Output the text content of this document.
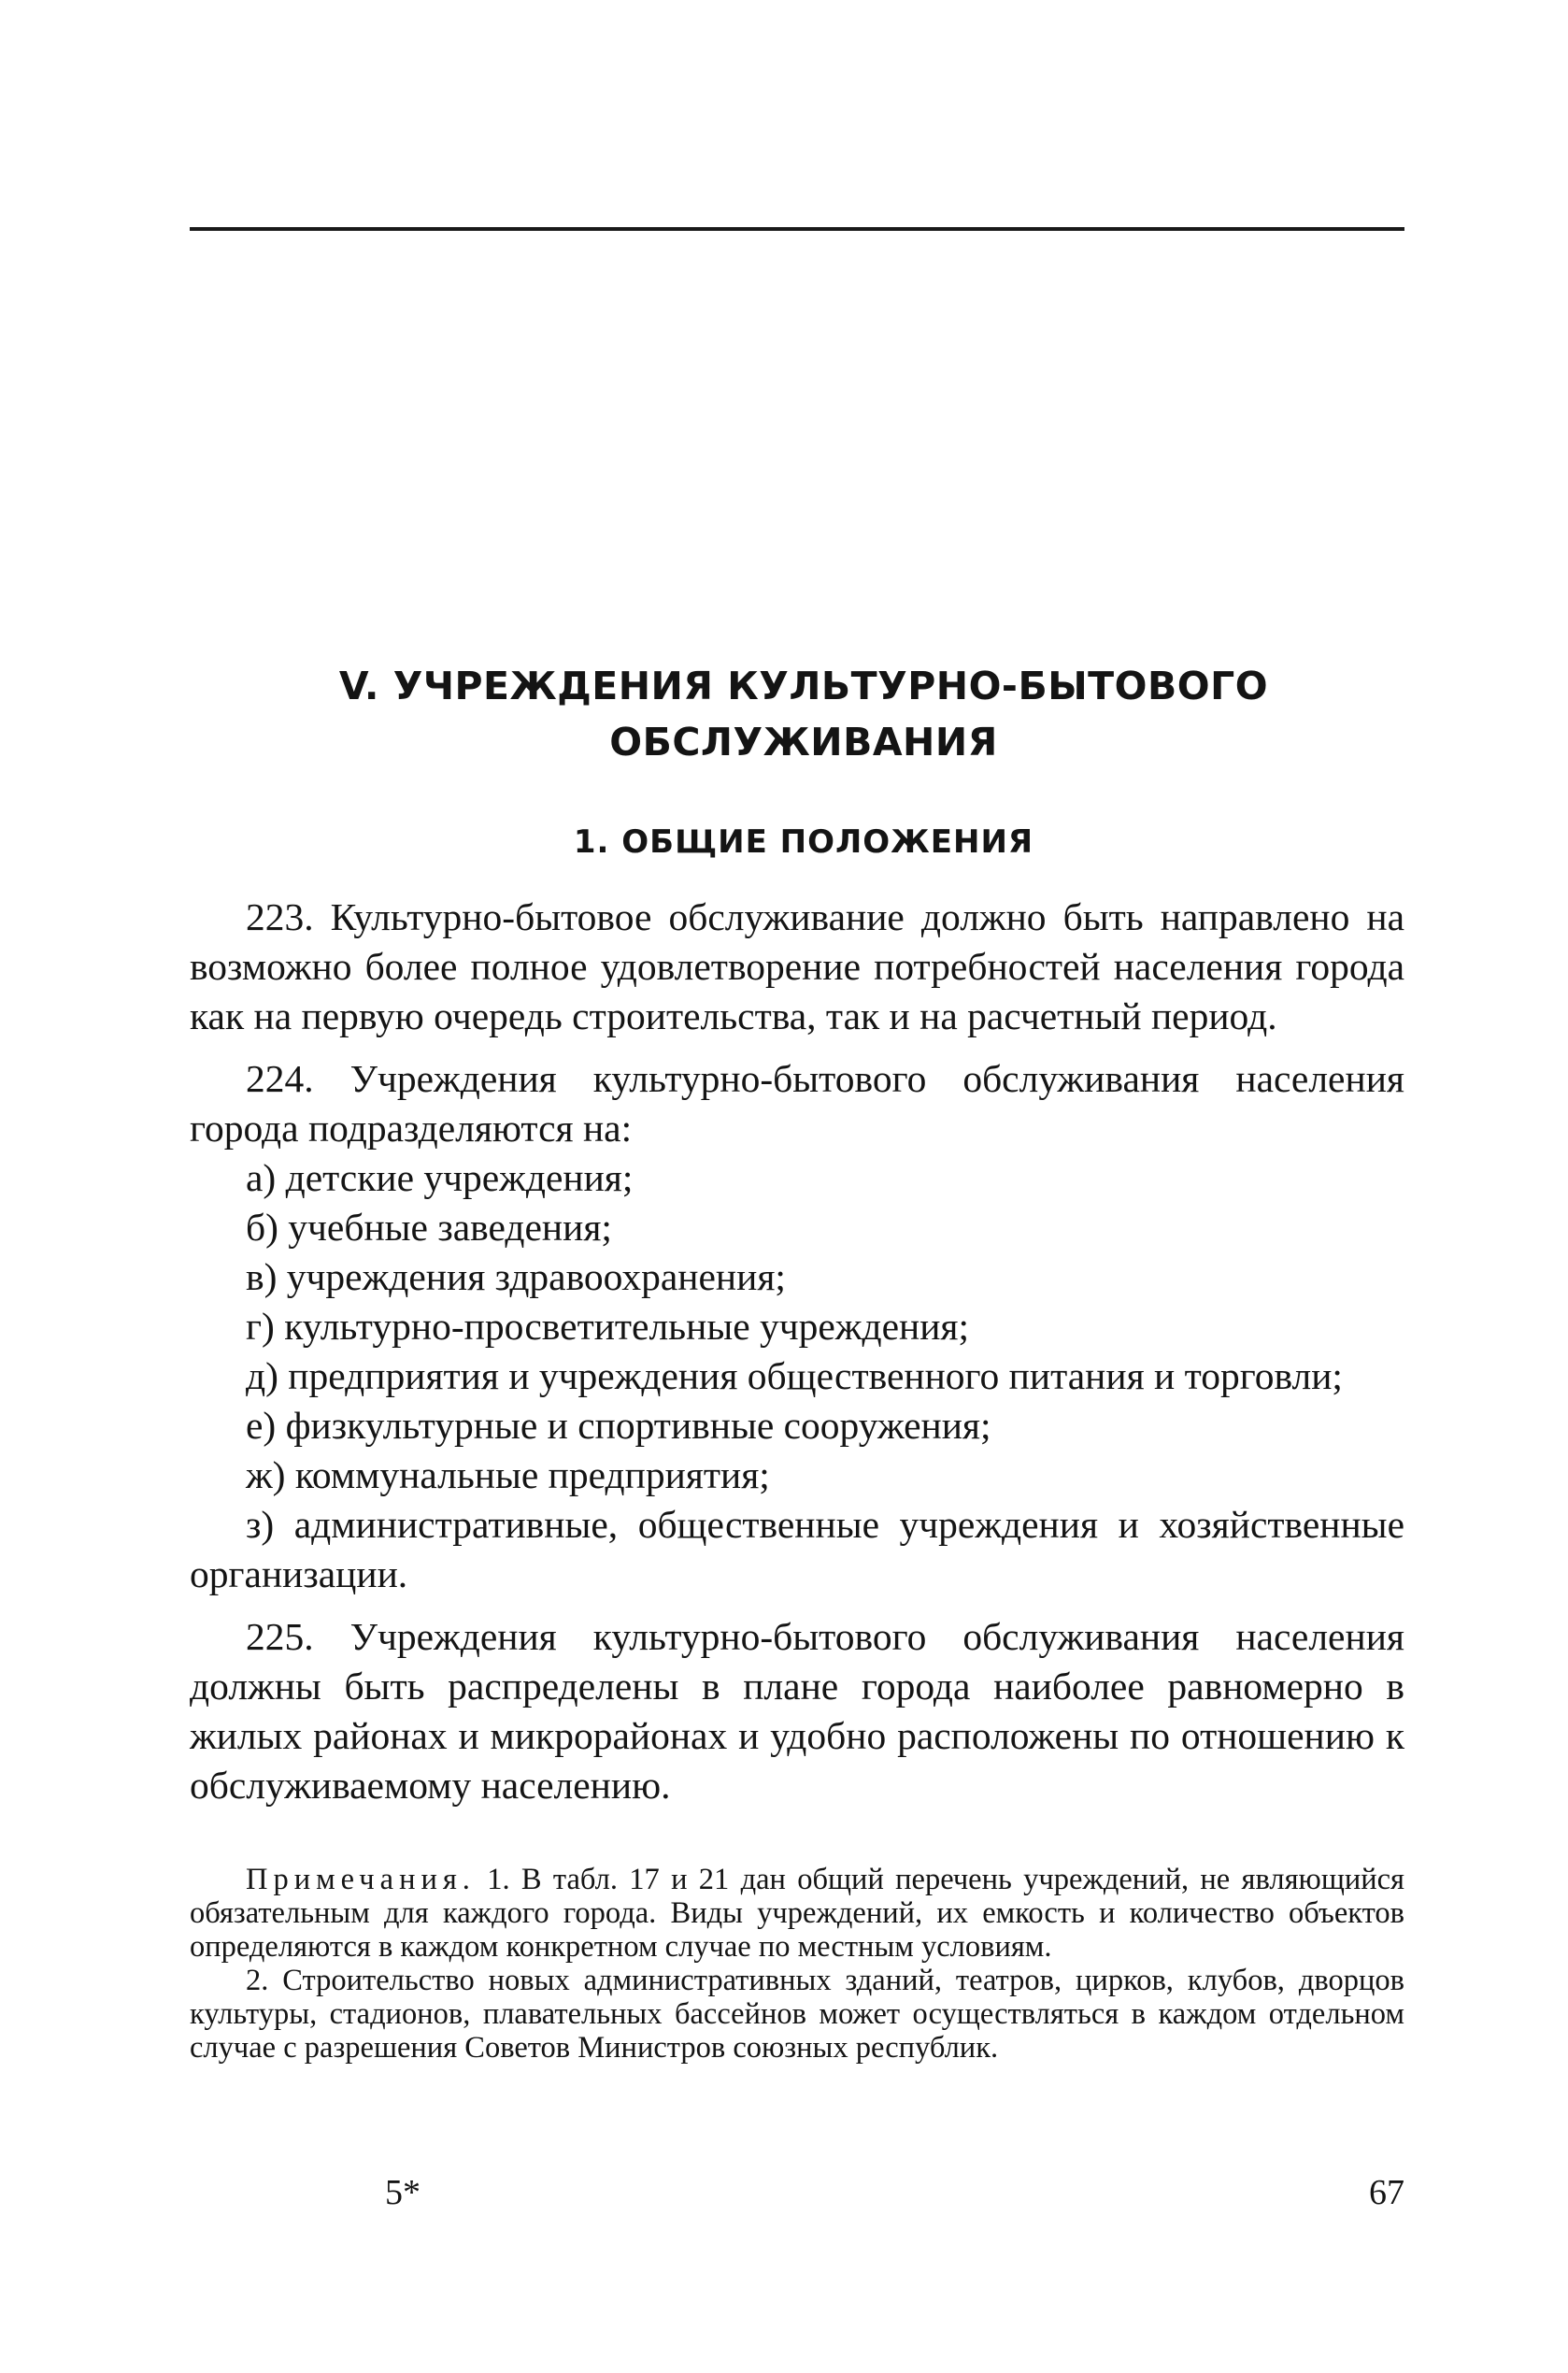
V. УЧРЕЖДЕНИЯ КУЛЬТУРНО-БЫТОВОГО
ОБСЛУЖИВАНИЯ
1. ОБЩИЕ ПОЛОЖЕНИЯ

223. Культурно-бытовое обслуживание должно быть направлено на возможно более полное удовлетворение потребностей населения города как на первую очередь строительства, так и на расчетный период.

224. Учреждения культурно-бытового обслуживания населения города подразделяются на:

а) детские учреждения;

б) учебные заведения;

в) учреждения здравоохранения;

г) культурно-просветительные учреждения;

д) предприятия и учреждения общественного питания и торговли;

е) физкультурные и спортивные сооружения;

ж) коммунальные предприятия;

з) административные, общественные учреждения и хозяйственные организации.

225. Учреждения культурно-бытового обслуживания населения должны быть распределены в плане города наиболее равномерно в жилых районах и микрорайонах и удобно расположены по отношению к обслуживаемому населению.

Примечания. 1. В табл. 17 и 21 дан общий перечень учреждений, не являющийся обязательным для каждого города. Виды учреждений, их емкость и количество объектов определяются в каждом конкретном случае по местным условиям.

2. Строительство новых административных зданий, театров, цирков, клубов, дворцов культуры, стадионов, плавательных бассейнов может осуществляться в каждом отдельном случае с разрешения Советов Министров союзных республик.

5*	67
